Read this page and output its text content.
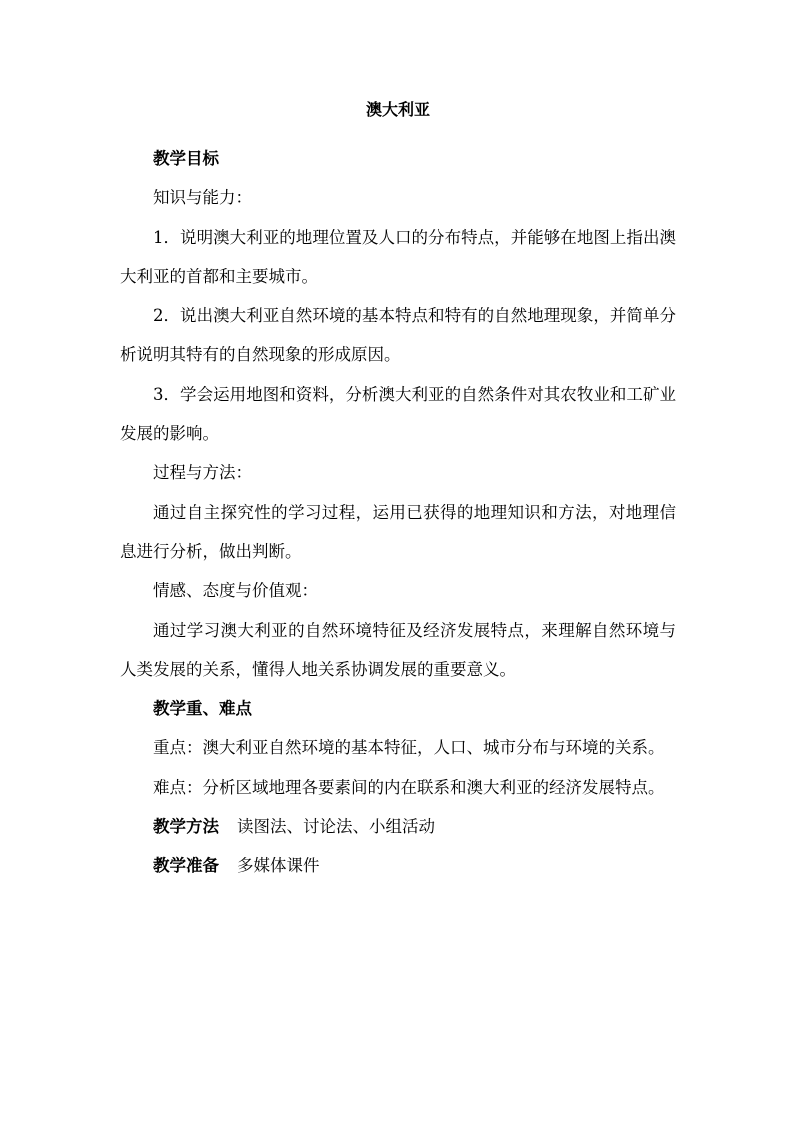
澳大利亚

教学目标

知识与能力：

1．说明澳大利亚的地理位置及人口的分布特点，并能够在地图上指出澳大利亚的首都和主要城市。

2．说出澳大利亚自然环境的基本特点和特有的自然地理现象，并简单分析说明其特有的自然现象的形成原因。

3．学会运用地图和资料，分析澳大利亚的自然条件对其农牧业和工矿业发展的影响。

过程与方法：

通过自主探究性的学习过程，运用已获得的地理知识和方法，对地理信息进行分析，做出判断。

情感、态度与价值观：

通过学习澳大利亚的自然环境特征及经济发展特点，来理解自然环境与人类发展的关系，懂得人地关系协调发展的重要意义。

教学重、难点

重点：澳大利亚自然环境的基本特征，人口、城市分布与环境的关系。

难点：分析区域地理各要素间的内在联系和澳大利亚的经济发展特点。

教学方法 读图法、讨论法、小组活动

教学准备 多媒体课件
